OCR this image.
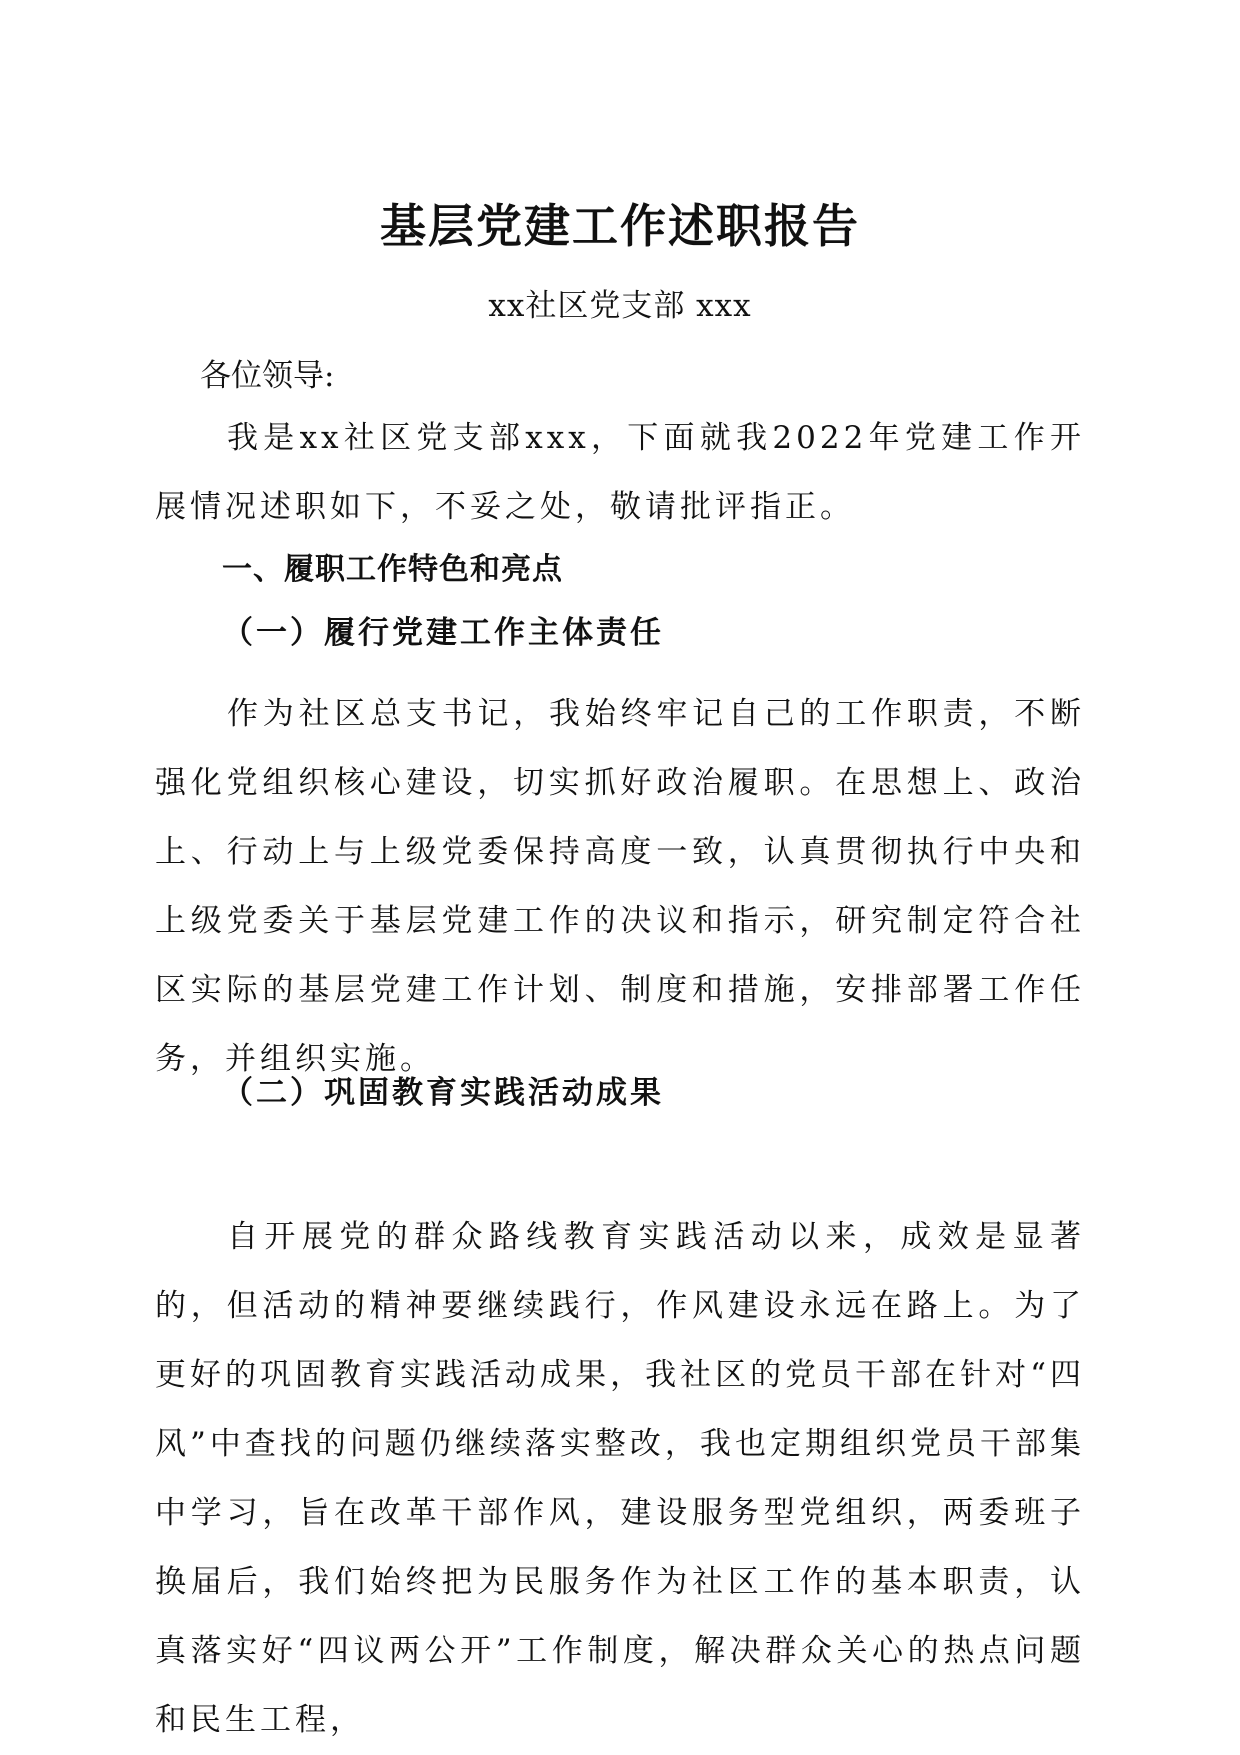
基层党建工作述职报告
xx社区党支部 xxx
各位领导:

我是xx社区党支部xxx，下面就我2022年党建工作开展情况述职如下，不妥之处，敬请批评指正。

一、履职工作特色和亮点
（一）履行党建工作主体责任

作为社区总支书记，我始终牢记自己的工作职责，不断强化党组织核心建设，切实抓好政治履职。在思想上、政治上、行动上与上级党委保持高度一致，认真贯彻执行中央和上级党委关于基层党建工作的决议和指示，研究制定符合社区实际的基层党建工作计划、制度和措施，安排部署工作任务，并组织实施。

（二）巩固教育实践活动成果

自开展党的群众路线教育实践活动以来，成效是显著的，但活动的精神要继续践行，作风建设永远在路上。为了更好的巩固教育实践活动成果，我社区的党员干部在针对“四风”中查找的问题仍继续落实整改，我也定期组织党员干部集中学习，旨在改革干部作风，建设服务型党组织，两委班子换届后，我们始终把为民服务作为社区工作的基本职责，认真落实好“四议两公开”工作制度，解决群众关心的热点问题和民生工程，
